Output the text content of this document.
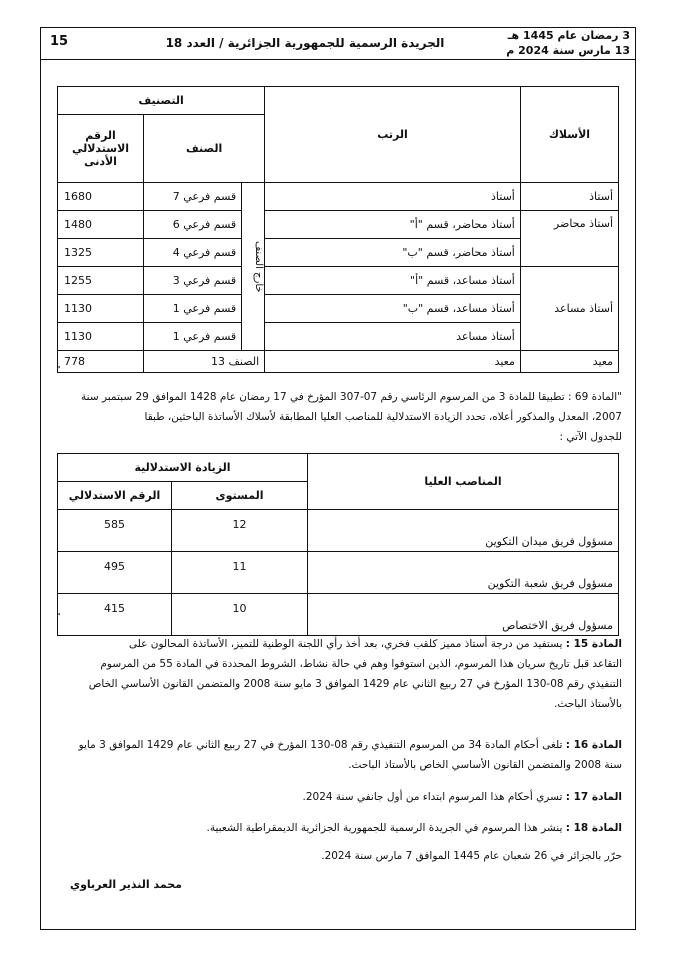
15	الجريدة الرسمية للجمهورية الجزائرية / العدد 18
3 رمضان عام 1445 هـ
13 مارس سنة 2024 م
الأسلاك	الرتب	التصنيف		
		الصنف		الرقم الاستدلالي الأدنى
أستاذ	أستاذ	خارج الصنف	قسم فرعي 7	1680
أستاذ محاضر	أستاذ محاضر، قسم "أ"		قسم فرعي 6	1480
	أستاذ محاضر، قسم "ب"		قسم فرعي 4	1325
أستاذ مساعد	أستاذ مساعد، قسم "أ"		قسم فرعي 3	1255
	أستاذ مساعد، قسم "ب"		قسم فرعي 1	1130
	أستاذ مساعد		قسم فرعي 1	1130
معيد	معيد	الصنف 13		778
"
"المادة 69 : تطبيقا للمادة 3 من المرسوم الرئاسي رقم 07-307 المؤرخ في 17 رمضان عام 1428 الموافق 29 سبتمبر سنة
2007، المعدل والمذكور أعلاه، تحدد الزيادة الاستدلالية للمناصب العليا المطابقة لأسلاك الأساتذة الباحثين، طبقا
للجدول الآتي :
المناصب العليا	الزيادة الاستدلالية	
	المستوى	الرقم الاستدلالي
مسؤول فريق ميدان التكوين	12	585
مسؤول فريق شعبة التكوين	11	495
مسؤول فريق الاختصاص	10	415
"
المادة 15 : يستفيد من درجة أستاذ مميز كلقب فخري، بعد أخذ رأي اللجنة الوطنية للتميز، الأساتذة المحالون على
التقاعد قبل تاريخ سريان هذا المرسوم، الذين استوفوا وهم في حالة نشاط، الشروط المحددة في المادة 55 من المرسوم
التنفيذي رقم 08-130 المؤرخ في 27 ربيع الثاني عام 1429 الموافق 3 مايو سنة 2008 والمتضمن القانون الأساسي الخاص
بالأستاذ الباحث.
المادة 16 : تلغى أحكام المادة 34 من المرسوم التنفيذي رقم 08-130 المؤرخ في 27 ربيع الثاني عام 1429 الموافق 3 مايو
سنة 2008 والمتضمن القانون الأساسي الخاص بالأستاذ الباحث.
المادة 17 : تسري أحكام هذا المرسوم ابتداء من أول جانفي سنة 2024.
المادة 18 : ينشر هذا المرسوم في الجريدة الرسمية للجمهورية الجزائرية الديمقراطية الشعبية.
حرّر بالجزائر في 26 شعبان عام 1445 الموافق 7 مارس سنة 2024.
محمد النذير العرباوي
